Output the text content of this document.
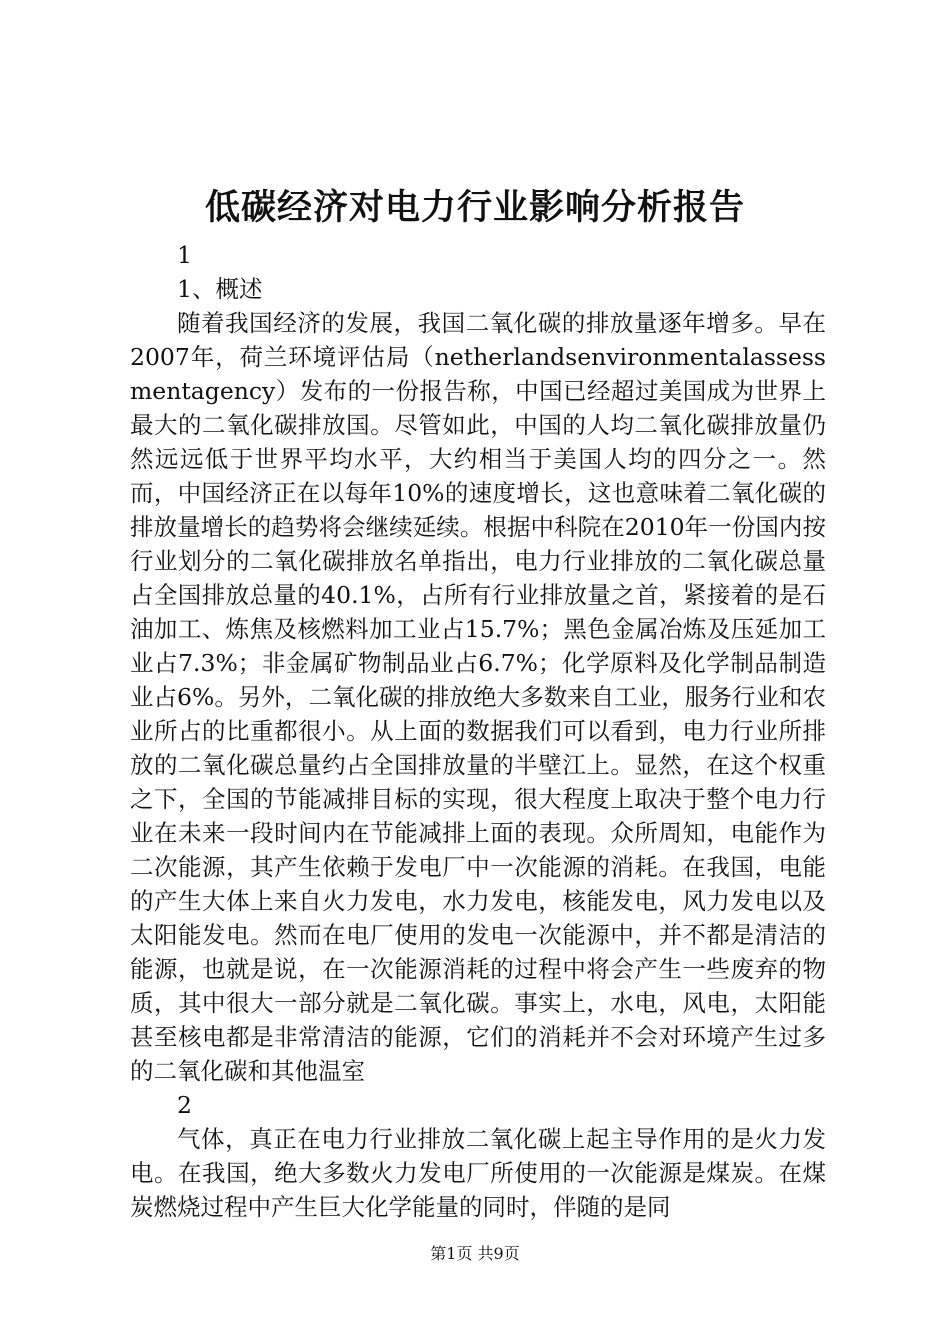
低碳经济对电力行业影响分析报告

1

1、概述

随着我国经济的发展，我国二氧化碳的排放量逐年增多。早在2007年，荷兰环境评估局（netherlandsenvironmentalassessmentagency）发布的一份报告称，中国已经超过美国成为世界上最大的二氧化碳排放国。尽管如此，中国的人均二氧化碳排放量仍然远远低于世界平均水平，大约相当于美国人均的四分之一。然而，中国经济正在以每年10%的速度增长，这也意味着二氧化碳的排放量增长的趋势将会继续延续。根据中科院在2010年一份国内按行业划分的二氧化碳排放名单指出，电力行业排放的二氧化碳总量占全国排放总量的40.1%，占所有行业排放量之首，紧接着的是石油加工、炼焦及核燃料加工业占15.7%；黑色金属冶炼及压延加工业占7.3%；非金属矿物制品业占6.7%；化学原料及化学制品制造业占6%。另外，二氧化碳的排放绝大多数来自工业，服务行业和农业所占的比重都很小。从上面的数据我们可以看到，电力行业所排放的二氧化碳总量约占全国排放量的半壁江上。显然，在这个权重之下，全国的节能减排目标的实现，很大程度上取决于整个电力行业在未来一段时间内在节能减排上面的表现。众所周知，电能作为二次能源，其产生依赖于发电厂中一次能源的消耗。在我国，电能的产生大体上来自火力发电，水力发电，核能发电，风力发电以及太阳能发电。然而在电厂使用的发电一次能源中，并不都是清洁的能源，也就是说，在一次能源消耗的过程中将会产生一些废弃的物质，其中很大一部分就是二氧化碳。事实上，水电，风电，太阳能甚至核电都是非常清洁的能源，它们的消耗并不会对环境产生过多的二氧化碳和其他温室

2

气体，真正在电力行业排放二氧化碳上起主导作用的是火力发电。在我国，绝大多数火力发电厂所使用的一次能源是煤炭。在煤炭燃烧过程中产生巨大化学能量的同时，伴随的是同

第1页 共9页
